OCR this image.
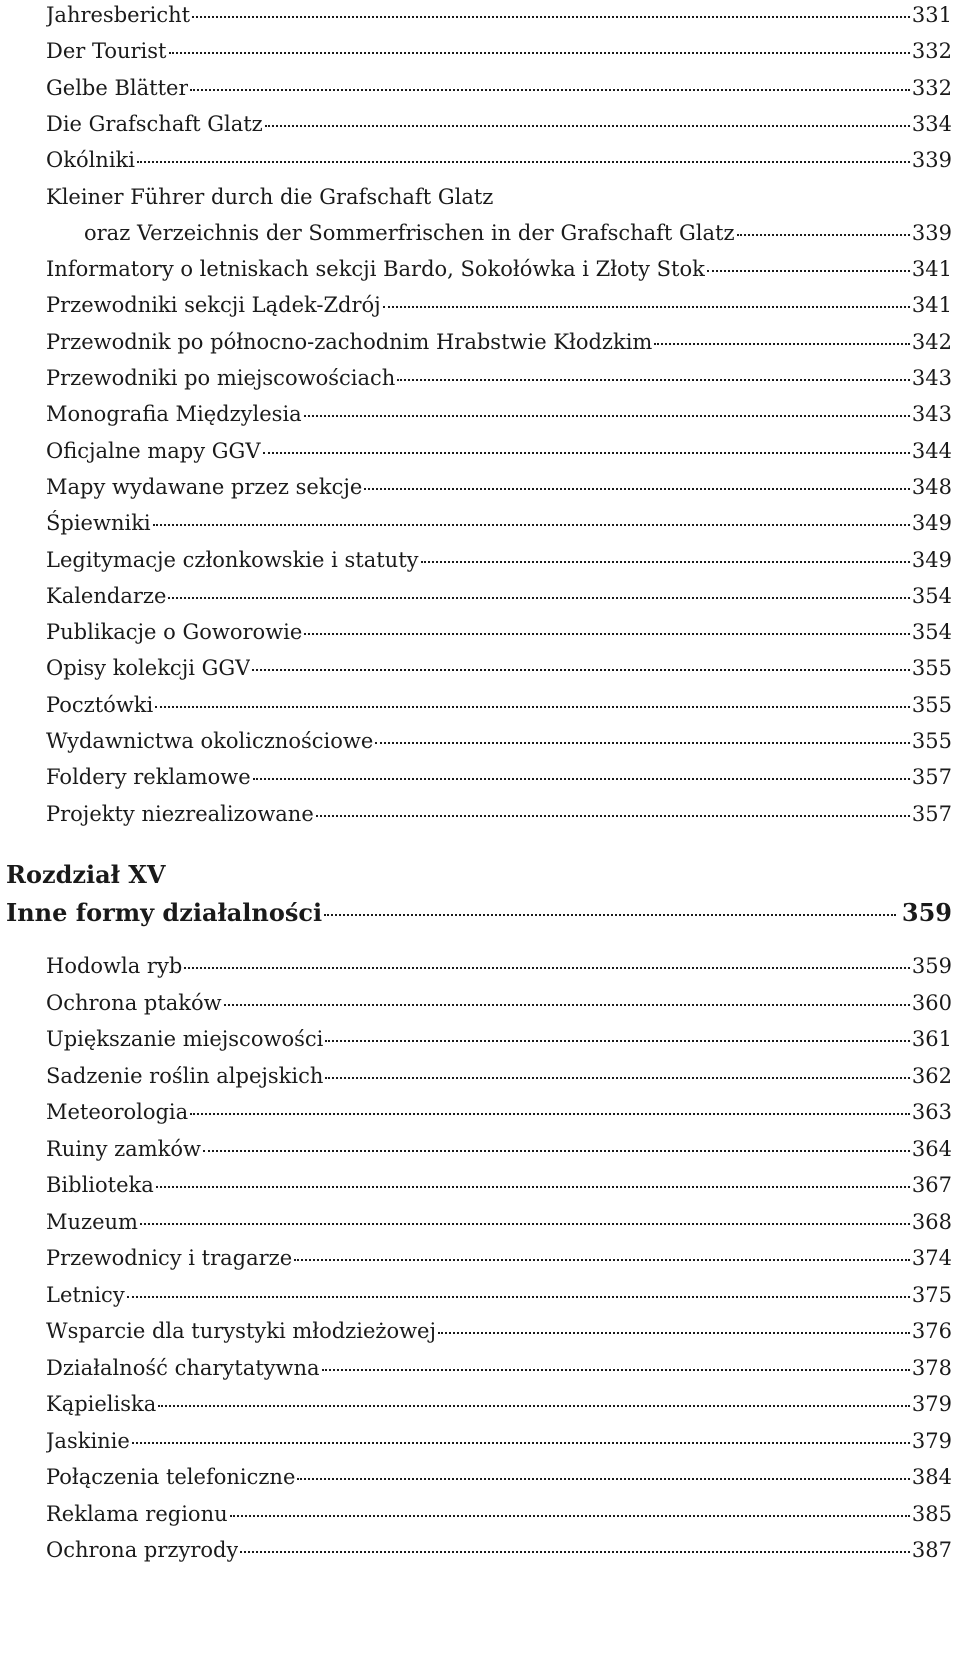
Jahresbericht	331
Der Tourist	332
Gelbe Blätter	332
Die Grafschaft Glatz	334
Okólniki	339
Kleiner Führer durch die Grafschaft Glatz
oraz Verzeichnis der Sommerfrischen in der Grafschaft Glatz	339
Informatory o letniskach sekcji Bardo, Sokołówka i Złoty Stok	341
Przewodniki sekcji Lądek-Zdrój	341
Przewodnik po północno-zachodnim Hrabstwie Kłodzkim	342
Przewodniki po miejscowościach	343
Monografia Międzylesia	343
Oficjalne mapy GGV	344
Mapy wydawane przez sekcje	348
Śpiewniki	349
Legitymacje członkowskie i statuty	349
Kalendarze	354
Publikacje o Goworowie	354
Opisy kolekcji GGV	355
Pocztówki	355
Wydawnictwa okolicznościowe	355
Foldery reklamowe	357
Projekty niezrealizowane	357
Rozdział XV
Inne formy działalności	359
Hodowla ryb	359
Ochrona ptaków	360
Upiększanie miejscowości	361
Sadzenie roślin alpejskich	362
Meteorologia	363
Ruiny zamków	364
Biblioteka	367
Muzeum	368
Przewodnicy i tragarze	374
Letnicy	375
Wsparcie dla turystyki młodzieżowej	376
Działalność charytatywna	378
Kąpieliska	379
Jaskinie	379
Połączenia telefoniczne	384
Reklama regionu	385
Ochrona przyrody	387
